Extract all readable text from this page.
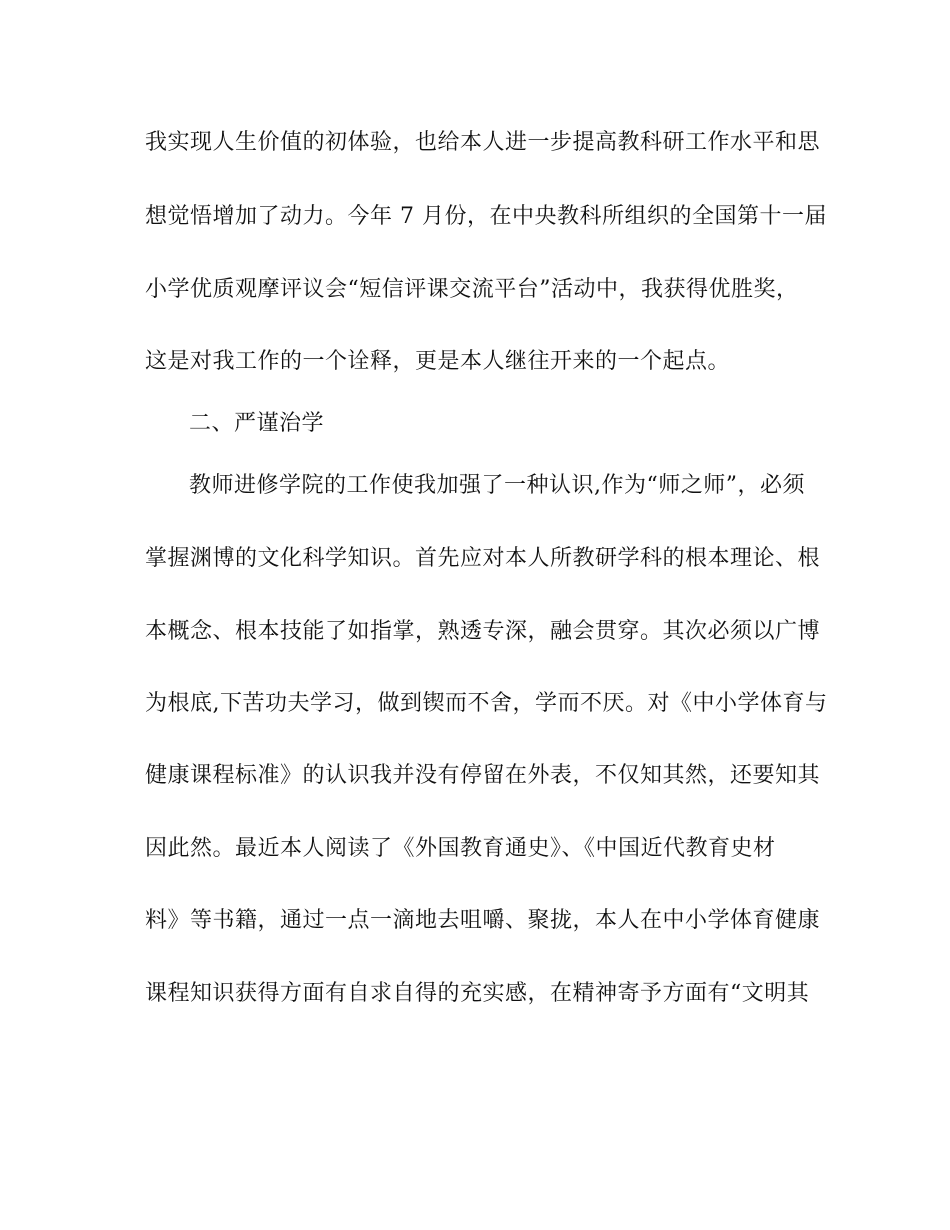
我实现人生价值的初体验，也给本人进一步提高教科研工作水平和思
想觉悟增加了动力。今年 7 月份，在中央教科所组织的全国第十一届
小学优质观摩评议会“短信评课交流平台”活动中，我获得优胜奖，
这是对我工作的一个诠释，更是本人继往开来的一个起点。
二、严谨治学
教师进修学院的工作使我加强了一种认识,作为“师之师”，必须
掌握渊博的文化科学知识。首先应对本人所教研学科的根本理论、根
本概念、根本技能了如指掌，熟透专深，融会贯穿。其次必须以广博
为根底,下苦功夫学习，做到锲而不舍，学而不厌。对《中小学体育与
健康课程标准》的认识我并没有停留在外表，不仅知其然，还要知其
因此然。最近本人阅读了《外国教育通史》、《中国近代教育史材
料》等书籍，通过一点一滴地去咀嚼、聚拢，本人在中小学体育健康
课程知识获得方面有自求自得的充实感，在精神寄予方面有“文明其
